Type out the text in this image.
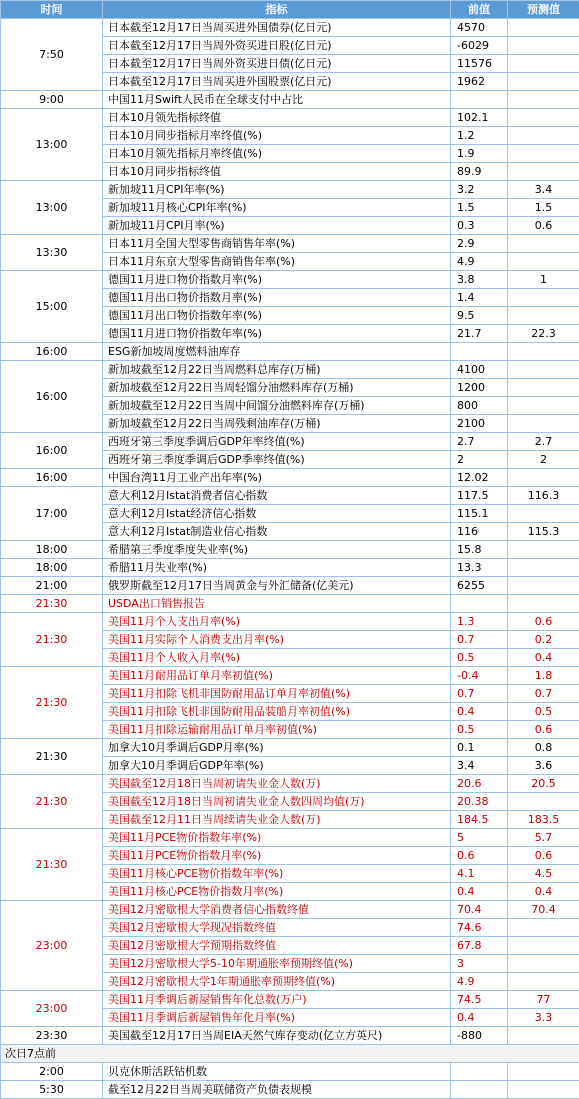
时间	指标	前值	预测值
7:50	日本截至12月17日当周买进外国债券(亿日元)	4570	
	日本截至12月17日当周外资买进日股(亿日元)	-6029	
	日本截至12月17日当周外资买进日债(亿日元)	11576	
	日本截至12月17日当周买进外国股票(亿日元)	1962	
9:00	中国11月Swift人民币在全球支付中占比		
13:00	日本10月领先指标终值	102.1	
	日本10月同步指标月率终值(%)	1.2	
	日本10月领先指标月率终值(%)	1.9	
	日本10月同步指标终值	89.9	
13:00	新加坡11月CPI年率(%)	3.2	3.4
	新加坡11月核心CPI年率(%)	1.5	1.5
	新加坡11月CPI月率(%)	0.3	0.6
13:30	日本11月全国大型零售商销售年率(%)	2.9	
	日本11月东京大型零售商销售年率(%)	4.9	
15:00	德国11月进口物价指数月率(%)	3.8	1
	德国11月出口物价指数月率(%)	1.4	
	德国11月出口物价指数年率(%)	9.5	
	德国11月进口物价指数年率(%)	21.7	22.3
16:00	ESG新加坡周度燃料油库存		
16:00	新加坡截至12月22日当周燃料总库存(万桶)	4100	
	新加坡截至12月22日当周轻馏分油燃料库存(万桶)	1200	
	新加坡截至12月22日当周中间馏分油燃料库存(万桶)	800	
	新加坡截至12月22日当周残剩油库存(万桶)	2100	
16:00	西班牙第三季度季调后GDP年率终值(%)	2.7	2.7
	西班牙第三季度季调后GDP季率终值(%)	2	2
16:00	中国台湾11月工业产出年率(%)	12.02	
17:00	意大利12月Istat消费者信心指数	117.5	116.3
	意大利12月Istat经济信心指数	115.1	
	意大利12月Istat制造业信心指数	116	115.3
18:00	希腊第三季度季度失业率(%)	15.8	
18:00	希腊11月失业率(%)	13.3	
21:00	俄罗斯截至12月17日当周黄金与外汇储备(亿美元)	6255	
21:30	USDA出口销售报告		
21:30	美国11月个人支出月率(%)	1.3	0.6
	美国11月实际个人消费支出月率(%)	0.7	0.2
	美国11月个人收入月率(%)	0.5	0.4
21:30	美国11月耐用品订单月率初值(%)	-0.4	1.8
	美国11月扣除飞机非国防耐用品订单月率初值(%)	0.7	0.7
	美国11月扣除飞机非国防耐用品装船月率初值(%)	0.4	0.5
	美国11月扣除运输耐用品订单月率初值(%)	0.5	0.6
21:30	加拿大10月季调后GDP月率(%)	0.1	0.8
	加拿大10月季调后GDP年率(%)	3.4	3.6
21:30	美国截至12月18日当周初请失业金人数(万)	20.6	20.5
	美国截至12月18日当周初请失业金人数四周均值(万)	20.38	
	美国截至12月11日当周续请失业金人数(万)	184.5	183.5
21:30	美国11月PCE物价指数年率(%)	5	5.7
	美国11月PCE物价指数月率(%)	0.6	0.6
	美国11月核心PCE物价指数年率(%)	4.1	4.5
	美国11月核心PCE物价指数月率(%)	0.4	0.4
23:00	美国12月密歇根大学消费者信心指数终值	70.4	70.4
	美国12月密歇根大学现况指数终值	74.6	
	美国12月密歇根大学预期指数终值	67.8	
	美国12月密歇根大学5-10年期通胀率预期终值(%)	3	
	美国12月密歇根大学1年期通胀率预期终值(%)	4.9	
23:00	美国11月季调后新屋销售年化总数(万户)	74.5	77
	美国11月季调后新屋销售年化月率(%)	0.4	3.3
23:30	美国截至12月17日当周EIA天然气库存变动(亿立方英尺)	-880	
次日7点前			
2:00	贝克休斯活跃钻机数		
5:30	截至12月22日当周美联储资产负债表规模		
